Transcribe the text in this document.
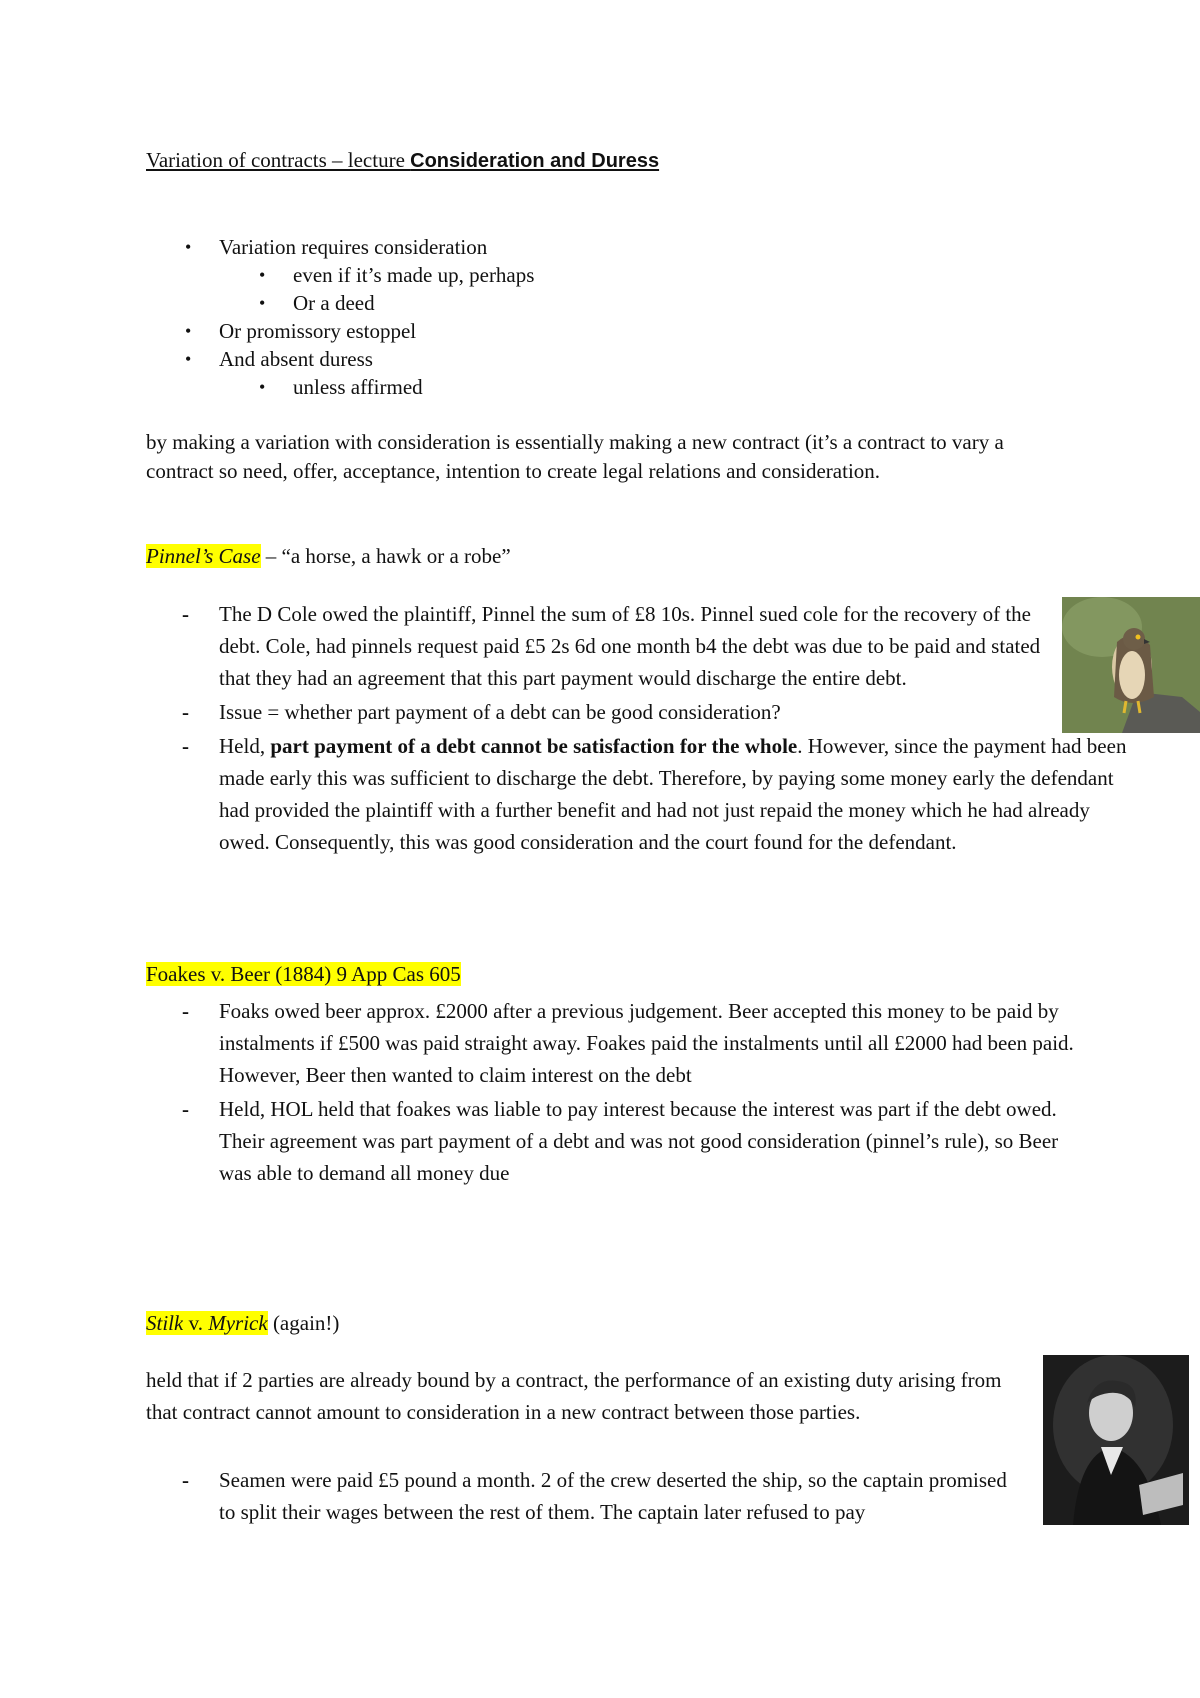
Variation of contracts – lecture Consideration and Duress
• Variation requires consideration
• even if it’s made up, perhaps
• Or a deed
• Or promissory estoppel
• And absent duress
• unless affirmed
by making a variation with consideration is essentially making a new contract (it’s a contract to vary a contract so need, offer, acceptance, intention to create legal relations and consideration.
Pinnel’s Case – “a horse, a hawk or a robe”
- The D Cole owed the plaintiff, Pinnel the sum of £8 10s. Pinnel sued cole for the recovery of the debt. Cole, had pinnels request paid £5 2s 6d one month b4 the debt was due to be paid and stated that they had an agreement that this part payment would discharge the entire debt.
- Issue = whether part payment of a debt can be good consideration?
- Held, part payment of a debt cannot be satisfaction for the whole. However, since the payment had been made early this was sufficient to discharge the debt. Therefore, by paying some money early the defendant had provided the plaintiff with a further benefit and had not just repaid the money which he had already owed. Consequently, this was good consideration and the court found for the defendant.
Foakes v. Beer (1884) 9 App Cas 605
- Foaks owed beer approx. £2000 after a previous judgement. Beer accepted this money to be paid by instalments if £500 was paid straight away. Foakes paid the instalments until all £2000 had been paid. However, Beer then wanted to claim interest on the debt
- Held, HOL held that foakes was liable to pay interest because the interest was part if the debt owed. Their agreement was part payment of a debt and was not good consideration (pinnel’s rule), so Beer was able to demand all money due
Stilk v. Myrick (again!)
held that if 2 parties are already bound by a contract, the performance of an existing duty arising from that contract cannot amount to consideration in a new contract between those parties.
- Seamen were paid £5 pound a month. 2 of the crew deserted the ship, so the captain promised to split their wages between the rest of them. The captain later refused to pay
